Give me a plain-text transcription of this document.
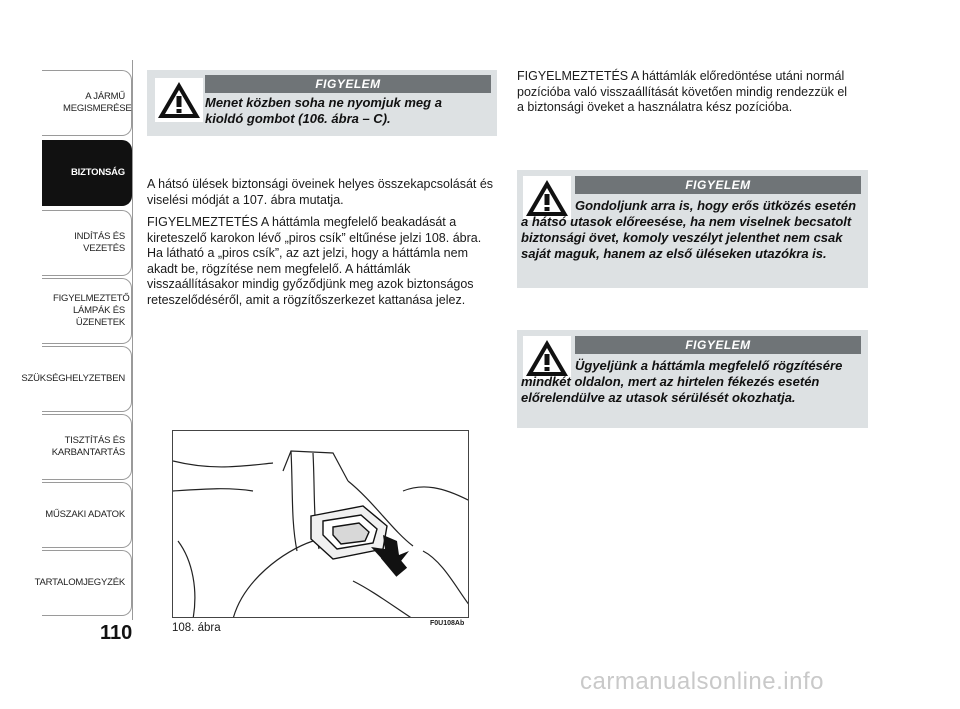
A JÁRMŰ MEGISMERÉSE
BIZTONSÁG
INDÍTÁS ÉS VEZETÉS
FIGYELMEZTETŐ LÁMPÁK ÉS ÜZENETEK
SZÜKSÉGHELYZETBEN
TISZTÍTÁS ÉS KARBANTARTÁS
MŰSZAKI ADATOK
TARTALOMJEGYZÉK
110
FIGYELEM
Menet közben soha ne nyomjuk meg a kioldó gombot (106. ábra – C).

A hátsó ülések biztonsági öveinek helyes összekapcsolását és viselési módját a 107. ábra mutatja.

FIGYELMEZTETÉS A háttámla megfelelő beakadását a kireteszelő karokon lévő „piros csík” eltűnése jelzi 108. ábra. Ha látható a „piros csík”, az azt jelzi, hogy a háttámla nem akadt be, rögzítése nem megfelelő. A háttámlák visszaállításakor mindig győződjünk meg azok biztonságos reteszelődéséről, amit a rögzítőszerkezet kattanása jelez.

108. ábra	F0U108Ab

FIGYELMEZTETÉS A háttámlák előredöntése utáni normál pozícióba való visszaállítását követően mindig rendezzük el a biztonsági öveket a használatra kész pozícióba.

FIGYELEM
Gondoljunk arra is, hogy erős ütközés esetén a hátsó utasok előreesése, ha nem viselnek becsatolt biztonsági övet, komoly veszélyt jelenthet nem csak saját maguk, hanem az első üléseken utazókra is.
FIGYELEM
Ügyeljünk a háttámla megfelelő rögzítésére mindkét oldalon, mert az hirtelen fékezés esetén előrelendülve az utasok sérülését okozhatja.
carmanualsonline.info
